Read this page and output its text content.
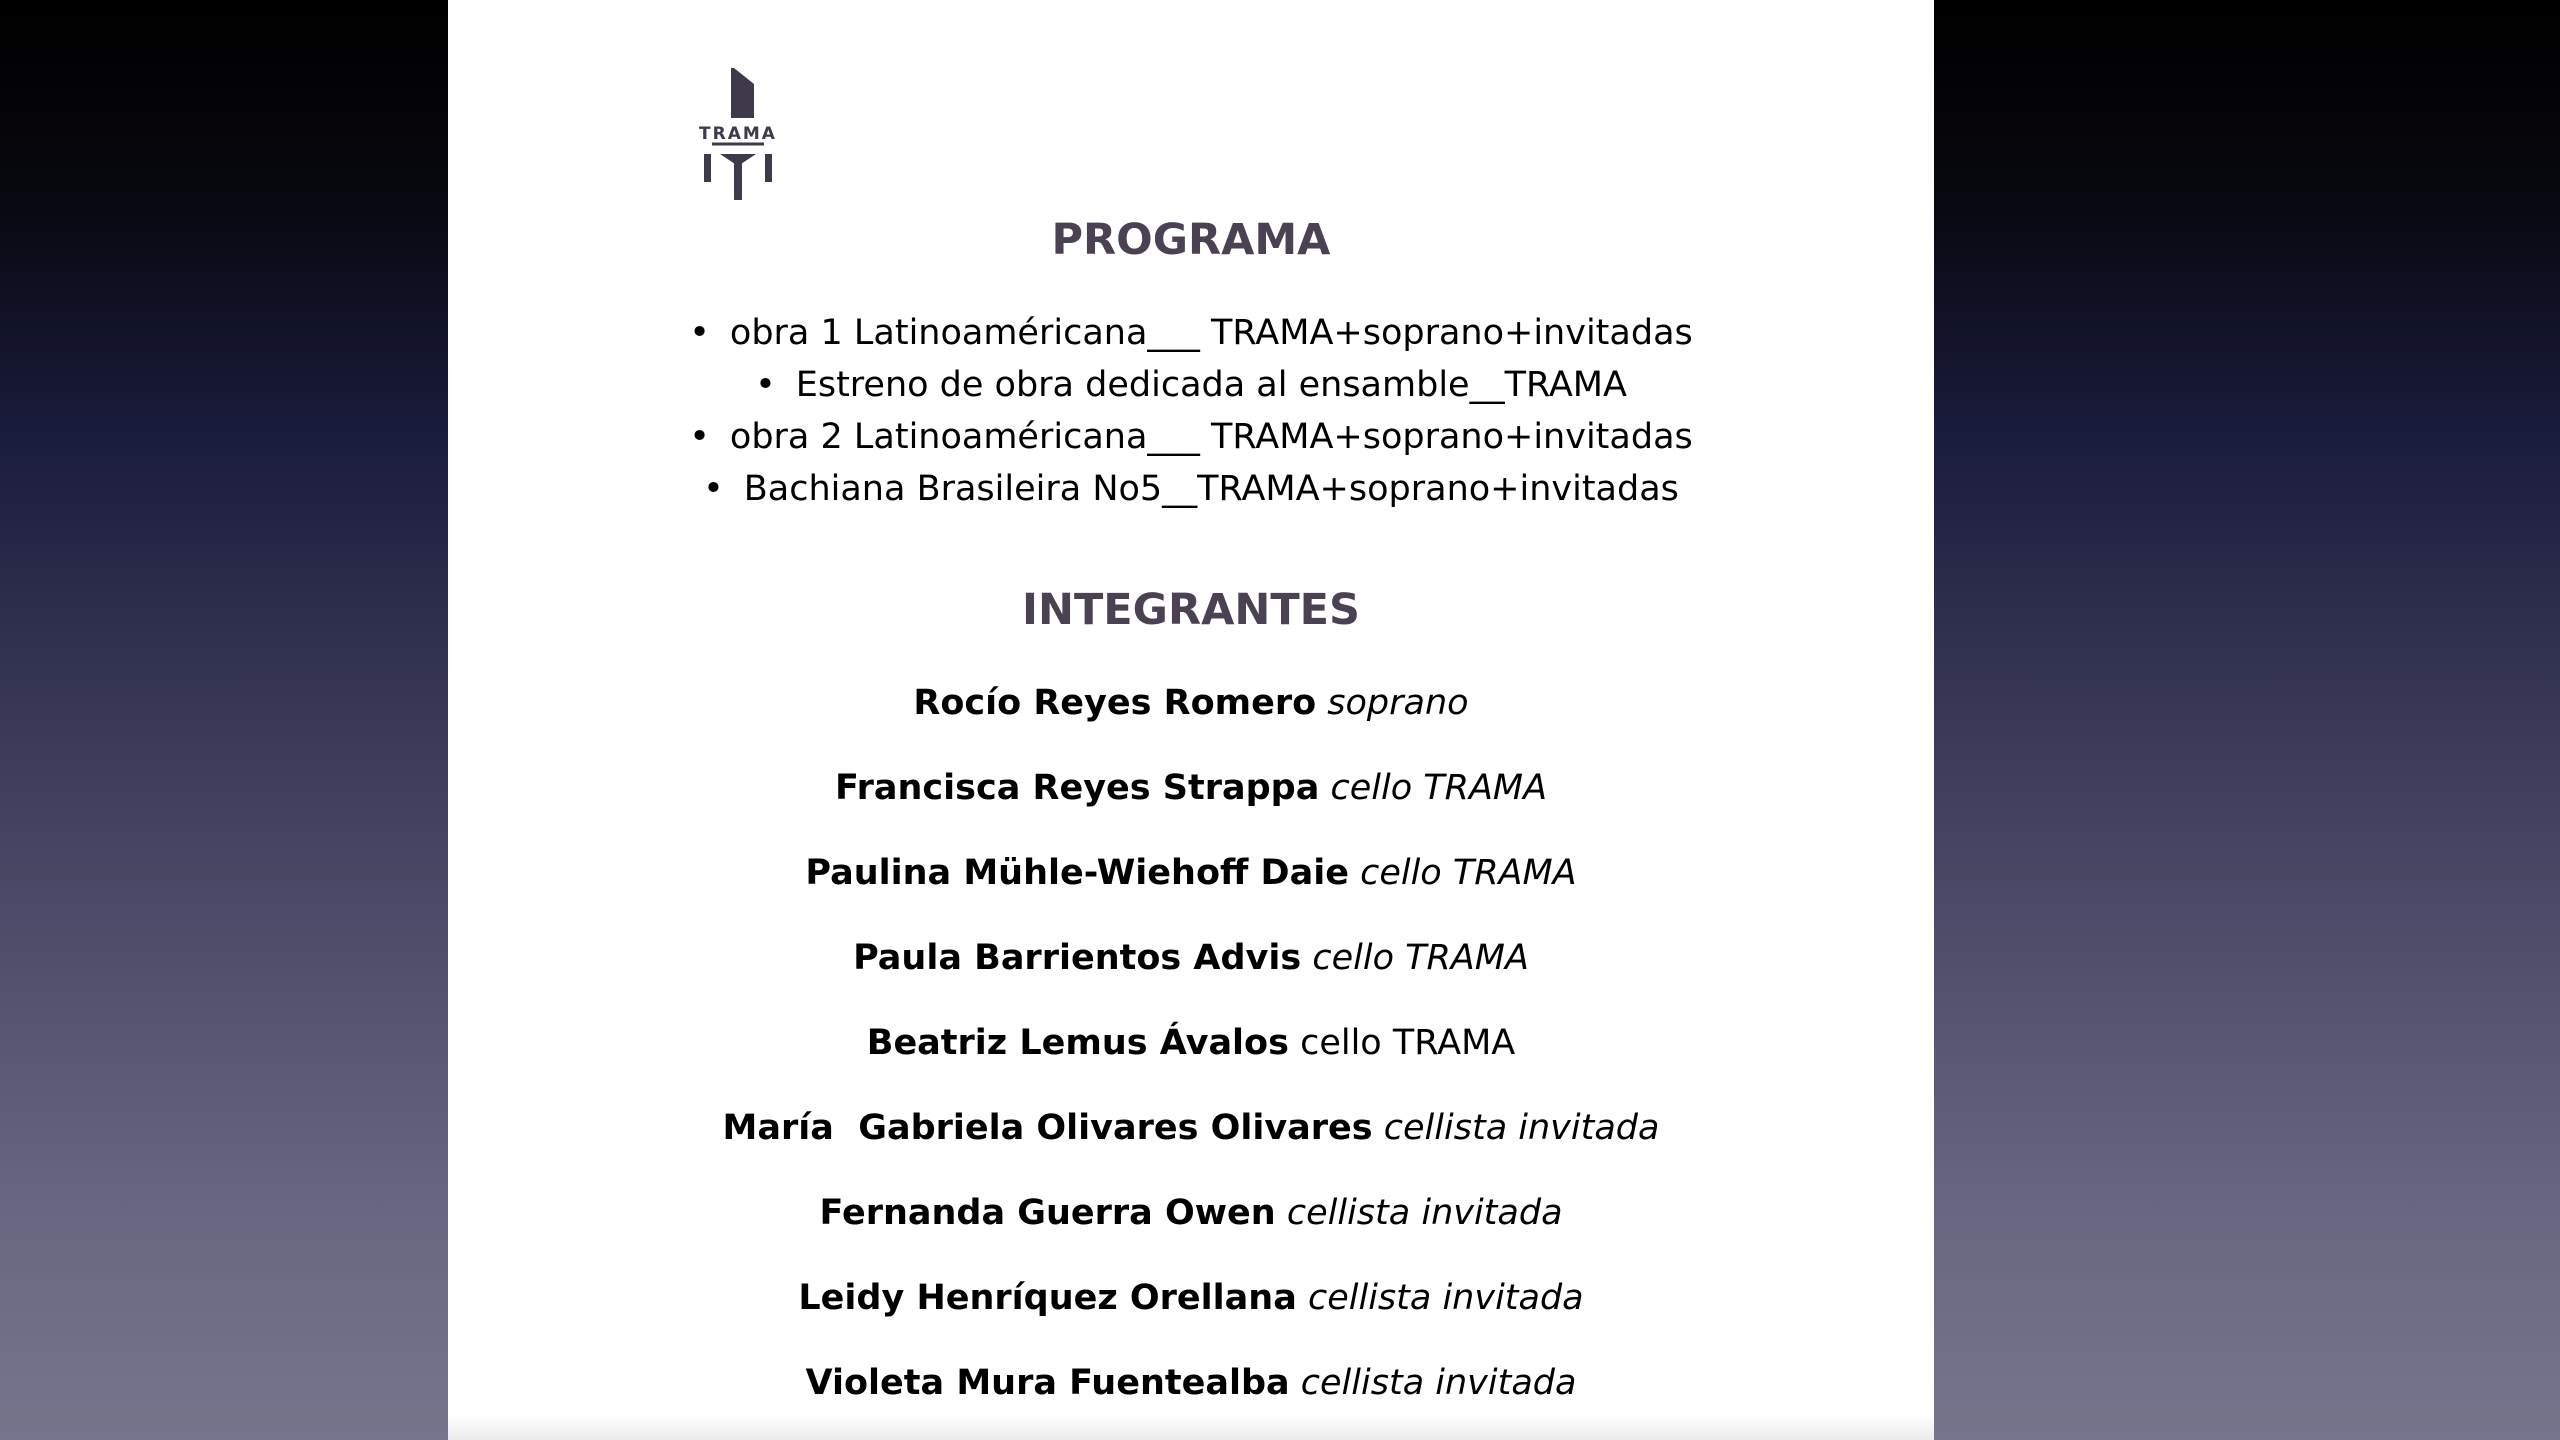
TRAMA
PROGRAMA

• obra 1 Latinoaméricana___ TRAMA+soprano+invitadas

• Estreno de obra dedicada al ensamble__TRAMA

• obra 2 Latinoaméricana___ TRAMA+soprano+invitadas

• Bachiana Brasileira No5__TRAMA+soprano+invitadas

INTEGRANTES

Rocío Reyes Romero soprano

Francisca Reyes Strappa cello TRAMA

Paulina Mühle-Wiehoff Daie cello TRAMA

Paula Barrientos Advis cello TRAMA

Beatriz Lemus Ávalos cello TRAMA

María  Gabriela Olivares Olivares cellista invitada

Fernanda Guerra Owen cellista invitada

Leidy Henríquez Orellana cellista invitada

Violeta Mura Fuentealba cellista invitada
